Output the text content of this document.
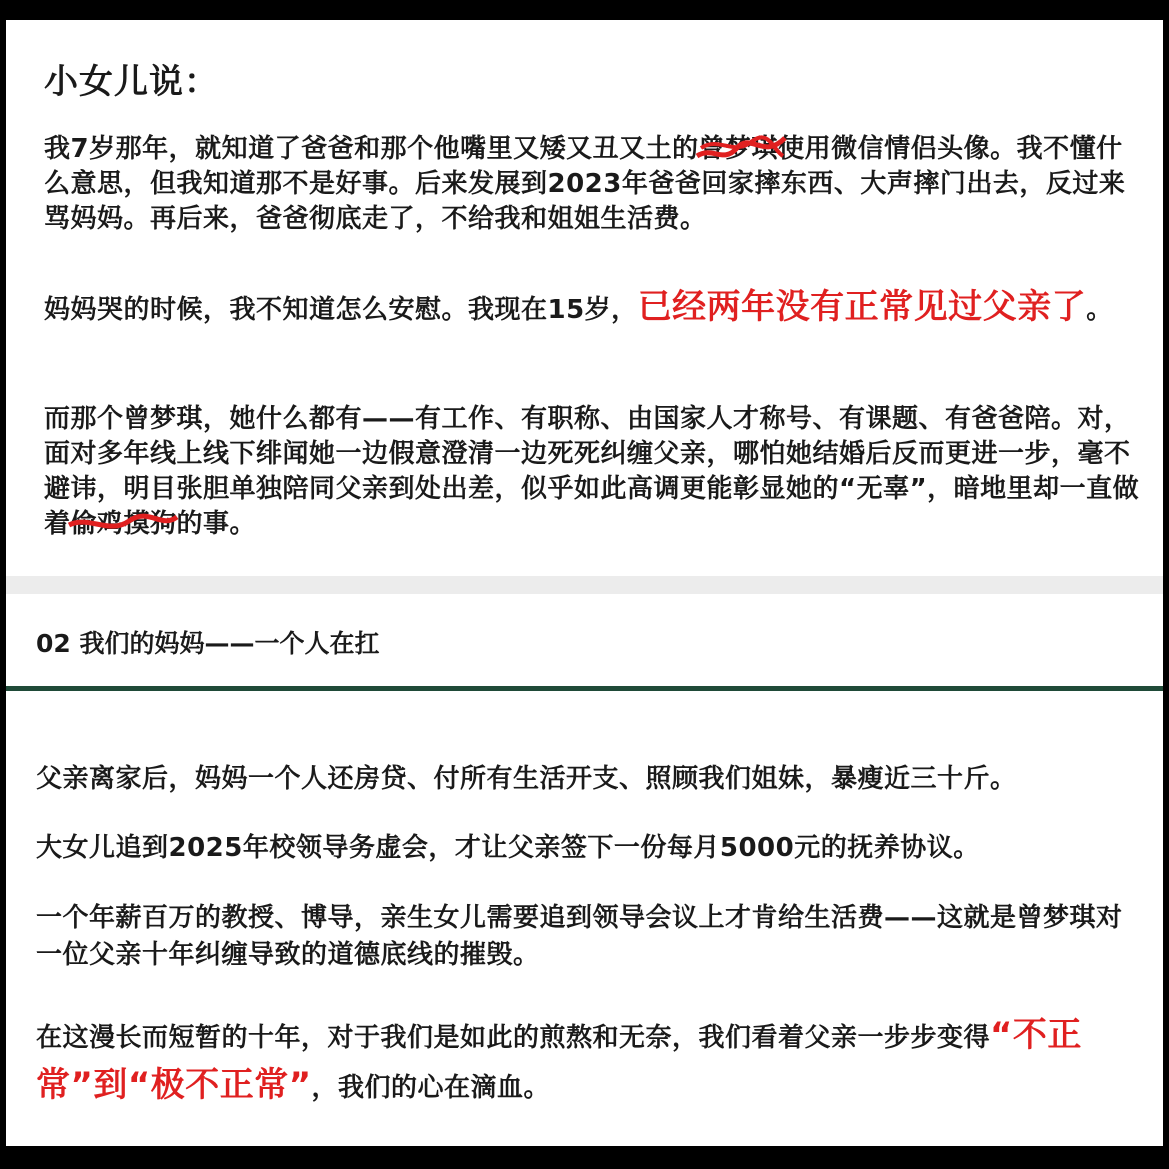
小女儿说：
我7岁那年，就知道了爸爸和那个他嘴里又矮又丑又土的曾梦琪
使用微信情侣头像。我不懂什么意思，但我知道那不是好事。后来发展到2023年爸爸回家摔东西、大声摔门出去，反过来骂妈妈。再后来，爸爸彻底走了，不给我和姐姐生活费。
妈妈哭的时候，我不知道怎么安慰。我现在15岁，已经两年没有正常见过父亲了。
而那个曾梦琪，她什么都有——有工作、有职称、由国家人才称号、有课题、有爸爸陪。对，面对多年线上线下绯闻她一边假意澄清一边死死纠缠父亲，哪怕她结婚后反而更进一步，毫不避讳，明目张胆单独陪同父亲到处出差，似乎如此高调更能彰显她的“无辜”，暗地里却一直做着偷鸡摸狗
的事。
02 我们的妈妈——一个人在扛
父亲离家后，妈妈一个人还房贷、付所有生活开支、照顾我们姐妹，暴瘦近三十斤。
大女儿追到2025年校领导务虚会，才让父亲签下一份每月5000元的抚养协议。
一个年薪百万的教授、博导，亲生女儿需要追到领导会议上才肯给生活费——这就是曾梦琪对一位父亲十年纠缠导致的道德底线的摧毁。
在这漫长而短暂的十年，对于我们是如此的煎熬和无奈，我们看着父亲一步步变得“不正常”到“极不正常”，我们的心在滴血。
